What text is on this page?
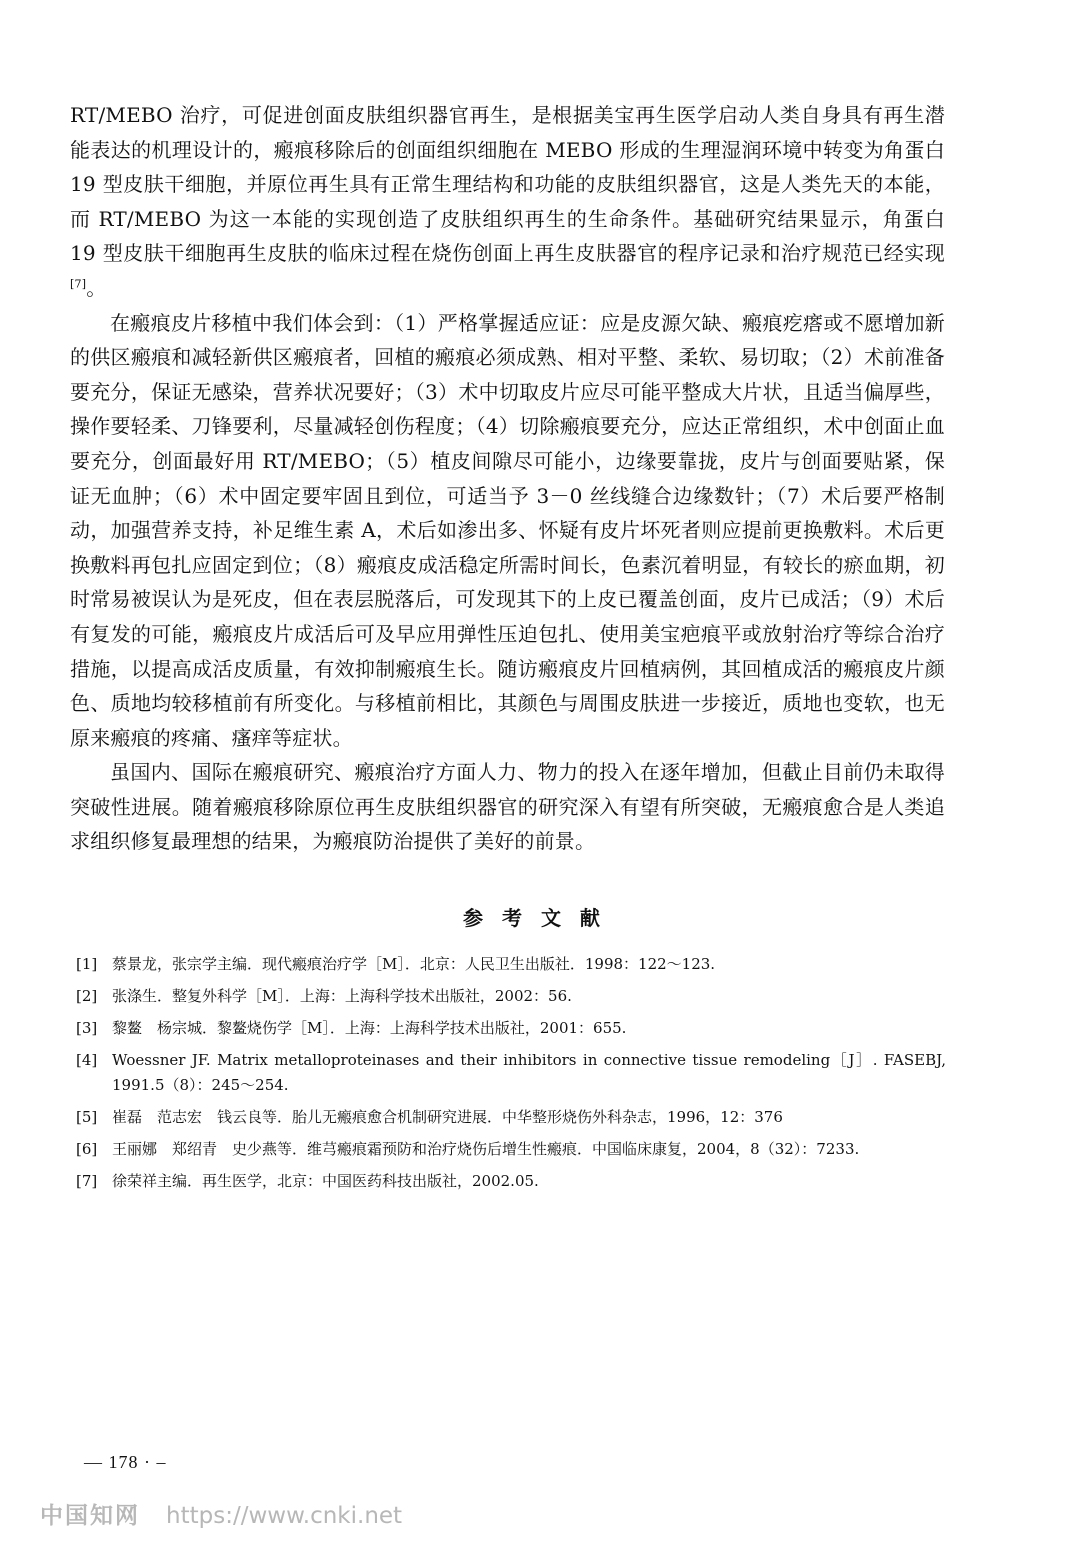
RT/MEBO 治疗，可促进创面皮肤组织器官再生，是根据美宝再生医学启动人类自身具有再生潜能表达的机理设计的，瘢痕移除后的创面组织细胞在 MEBO 形成的生理湿润环境中转变为角蛋白 19 型皮肤干细胞，并原位再生具有正常生理结构和功能的皮肤组织器官，这是人类先天的本能，而 RT/MEBO 为这一本能的实现创造了皮肤组织再生的生命条件。基础研究结果显示，角蛋白 19 型皮肤干细胞再生皮肤的临床过程在烧伤创面上再生皮肤器官的程序记录和治疗规范已经实现[7]。

在瘢痕皮片移植中我们体会到：（1）严格掌握适应证：应是皮源欠缺、瘢痕疙瘩或不愿增加新的供区瘢痕和减轻新供区瘢痕者，回植的瘢痕必须成熟、相对平整、柔软、易切取；（2）术前准备要充分，保证无感染，营养状况要好；（3）术中切取皮片应尽可能平整成大片状，且适当偏厚些，操作要轻柔、刀锋要利，尽量减轻创伤程度；（4）切除瘢痕要充分，应达正常组织，术中创面止血要充分，创面最好用 RT/MEBO；（5）植皮间隙尽可能小，边缘要靠拢，皮片与创面要贴紧，保证无血肿；（6）术中固定要牢固且到位，可适当予 3－0 丝线缝合边缘数针；（7）术后要严格制动，加强营养支持，补足维生素 A，术后如渗出多、怀疑有皮片坏死者则应提前更换敷料。术后更换敷料再包扎应固定到位；（8）瘢痕皮成活稳定所需时间长，色素沉着明显，有较长的瘀血期，初时常易被误认为是死皮，但在表层脱落后，可发现其下的上皮已覆盖创面，皮片已成活；（9）术后有复发的可能，瘢痕皮片成活后可及早应用弹性压迫包扎、使用美宝疤痕平或放射治疗等综合治疗措施，以提高成活皮质量，有效抑制瘢痕生长。随访瘢痕皮片回植病例，其回植成活的瘢痕皮片颜色、质地均较移植前有所变化。与移植前相比，其颜色与周围皮肤进一步接近，质地也变软，也无原来瘢痕的疼痛、瘙痒等症状。

虽国内、国际在瘢痕研究、瘢痕治疗方面人力、物力的投入在逐年增加，但截止目前仍未取得突破性进展。随着瘢痕移除原位再生皮肤组织器官的研究深入有望有所突破，无瘢痕愈合是人类追求组织修复最理想的结果，为瘢痕防治提供了美好的前景。

参 考 文 献
[1] 蔡景龙，张宗学主编．现代瘢痕治疗学［M］．北京：人民卫生出版社．1998：122～123.
[2] 张涤生．整复外科学［M］．上海：上海科学技术出版社，2002：56.
[3] 黎鳌　杨宗城．黎鳌烧伤学［M］．上海：上海科学技术出版社，2001：655.
[4] Woessner JF. Matrix metalloproteinases and their inhibitors in connective tissue remodeling［J］. FASEBJ, 1991.5（8）：245～254.
[5] 崔磊　范志宏　钱云良等．胎儿无瘢痕愈合机制研究进展．中华整形烧伤外科杂志，1996，12：376
[6] 王丽娜　郑绍青　史少燕等．维芎瘢痕霜预防和治疗烧伤后增生性瘢痕．中国临床康复，2004，8（32）：7233.
[7] 徐荣祥主编．再生医学，北京：中国医药科技出版社，2002.05.
— 178 · –
中国知网 https://www.cnki.net
